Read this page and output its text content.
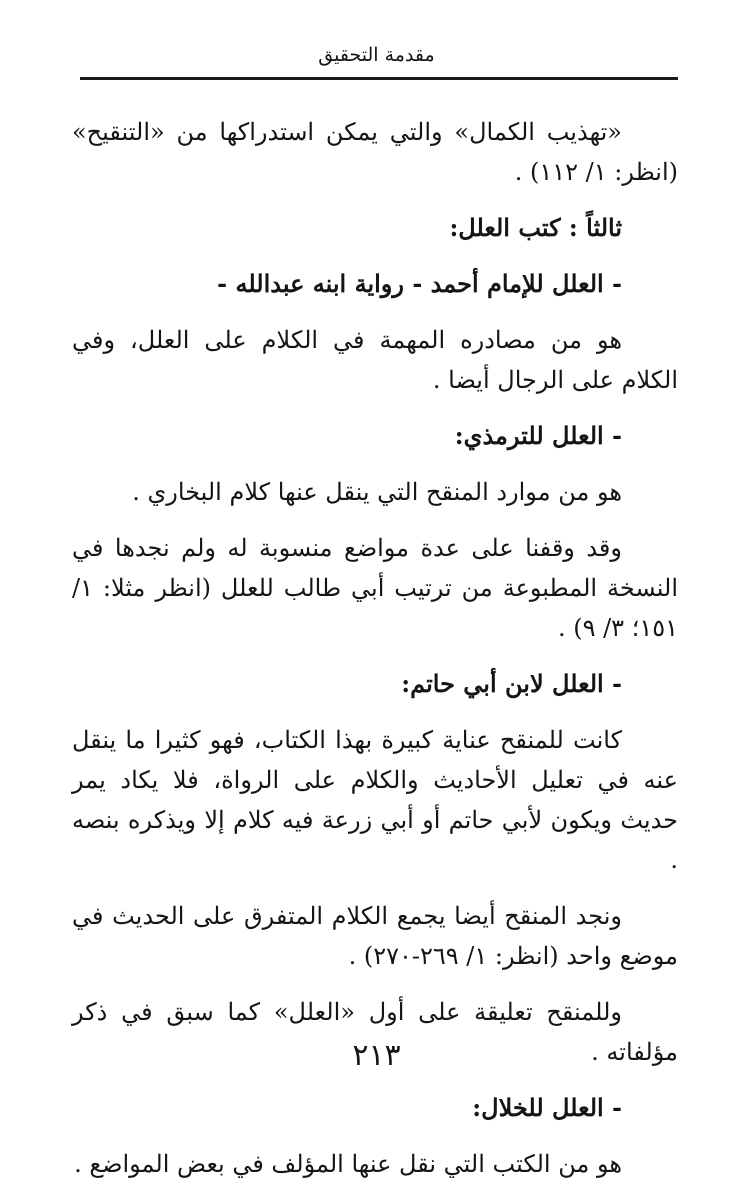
مقدمة التحقيق

«تهذيب الكمال» والتي يمكن استدراكها من «التنقيح» (انظر: ١/ ١١٢) .

ثالثاً : كتب العلل:

- العلل للإمام أحمد - رواية ابنه عبدالله -

هو من مصادره المهمة في الكلام على العلل، وفي الكلام على الرجال أيضا .

- العلل للترمذي:

هو من موارد المنقح التي ينقل عنها كلام البخاري .

وقد وقفنا على عدة مواضع منسوبة له ولم نجدها في النسخة المطبوعة من ترتيب أبي طالب للعلل (انظر مثلا: ١/ ١٥١؛ ٣/ ٩) .

- العلل لابن أبي حاتم:

كانت للمنقح عناية كبيرة بهذا الكتاب، فهو كثيرا ما ينقل عنه في تعليل الأحاديث والكلام على الرواة، فلا يكاد يمر حديث ويكون لأبي حاتم أو أبي زرعة فيه كلام إلا ويذكره بنصه .

ونجد المنقح أيضا يجمع الكلام المتفرق على الحديث في موضع واحد (انظر: ١/ ٢٦٩-٢٧٠) .

وللمنقح تعليقة على أول «العلل» كما سبق في ذكر مؤلفاته .

- العلل للخلال:

هو من الكتب التي نقل عنها المؤلف في بعض المواضع .

٢١٣
